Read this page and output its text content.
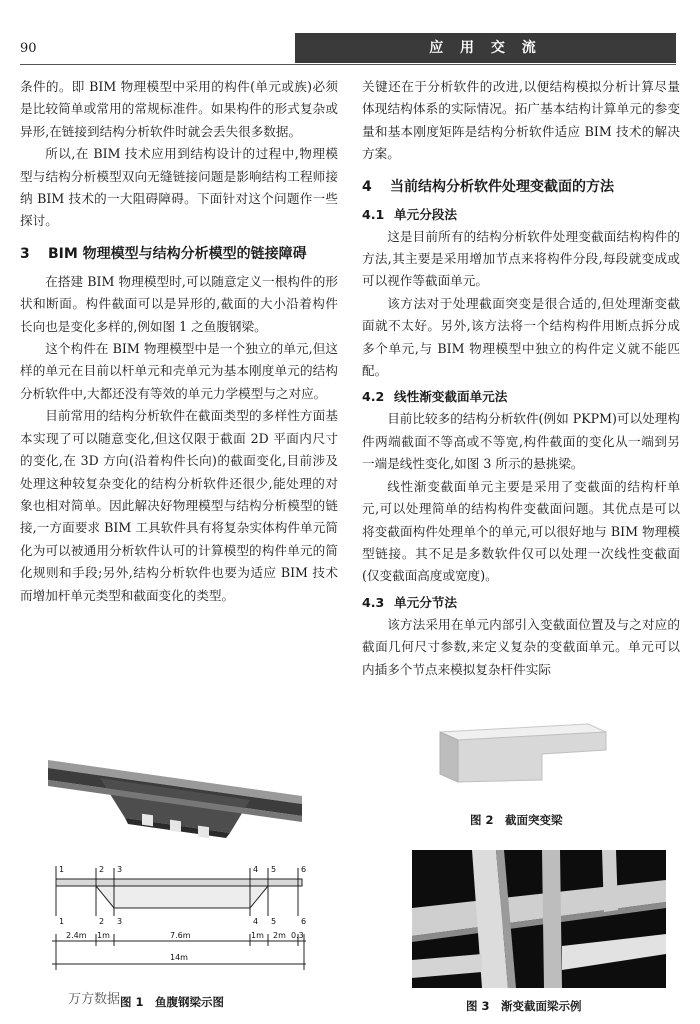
90	应 用 交 流

条件的。即 BIM 物理模型中采用的构件(单元或族)必须是比较简单或常用的常规标准件。如果构件的形式复杂或异形,在链接到结构分析软件时就会丢失很多数据。

所以,在 BIM 技术应用到结构设计的过程中,物理模型与结构分析模型双向无缝链接问题是影响结构工程师接纳 BIM 技术的一大阻碍障碍。下面针对这个问题作一些探讨。

3	BIM 物理模型与结构分析模型的链接障碍

在搭建 BIM 物理模型时,可以随意定义一根构件的形状和断面。构件截面可以是异形的,截面的大小沿着构件长向也是变化多样的,例如图 1 之鱼腹钢梁。

这个构件在 BIM 物理模型中是一个独立的单元,但这样的单元在目前以杆单元和壳单元为基本刚度单元的结构分析软件中,大都还没有等效的单元力学模型与之对应。

目前常用的结构分析软件在截面类型的多样性方面基本实现了可以随意变化,但这仅限于截面 2D 平面内尺寸的变化,在 3D 方向(沿着构件长向)的截面变化,目前涉及处理这种较复杂变化的结构分析软件还很少,能处理的对象也相对简单。因此解决好物理模型与结构分析模型的链接,一方面要求 BIM 工具软件具有将复杂实体构件单元简化为可以被通用分析软件认可的计算模型的构件单元的简化规则和手段;另外,结构分析软件也要为适应 BIM 技术而增加杆单元类型和截面变化的类型。

关键还在于分析软件的改进,以便结构模拟分析计算尽量体现结构体系的实际情况。拓广基本结构计算单元的参变量和基本刚度矩阵是结构分析软件适应 BIM 技术的解决方案。

4	当前结构分析软件处理变截面的方法
4.1 单元分段法

这是目前所有的结构分析软件处理变截面结构构件的方法,其主要是采用增加节点来将构件分段,每段就变成或可以视作等截面单元。

该方法对于处理截面突变是很合适的,但处理渐变截面就不太好。另外,该方法将一个结构构件用断点拆分成多个单元,与 BIM 物理模型中独立的构件定义就不能匹配。

4.2 线性渐变截面单元法

目前比较多的结构分析软件(例如 PKPM)可以处理构件两端截面不等高或不等宽,构件截面的变化从一端到另一端是线性变化,如图 3 所示的悬挑梁。

线性渐变截面单元主要是采用了变截面的结构杆单元,可以处理简单的结构构件变截面问题。其优点是可以将变截面构件处理单个的单元,可以很好地与 BIM 物理模型链接。其不足是多数软件仅可以处理一次线性变截面(仅变截面高度或宽度)。

4.3 单元分节法

该方法采用在单元内部引入变截面位置及与之对应的截面几何尺寸参数,来定义复杂的变截面单元。单元可以内插多个节点来模拟复杂杆件实际

1	2 3	4 5	6
1	2 3	4 5	6
2.4m 1m	7.6m	1m 2m 0.3
14m
万方数据 图 1　鱼腹钢梁示图
图 2　截面突变梁
图 3　渐变截面梁示例
